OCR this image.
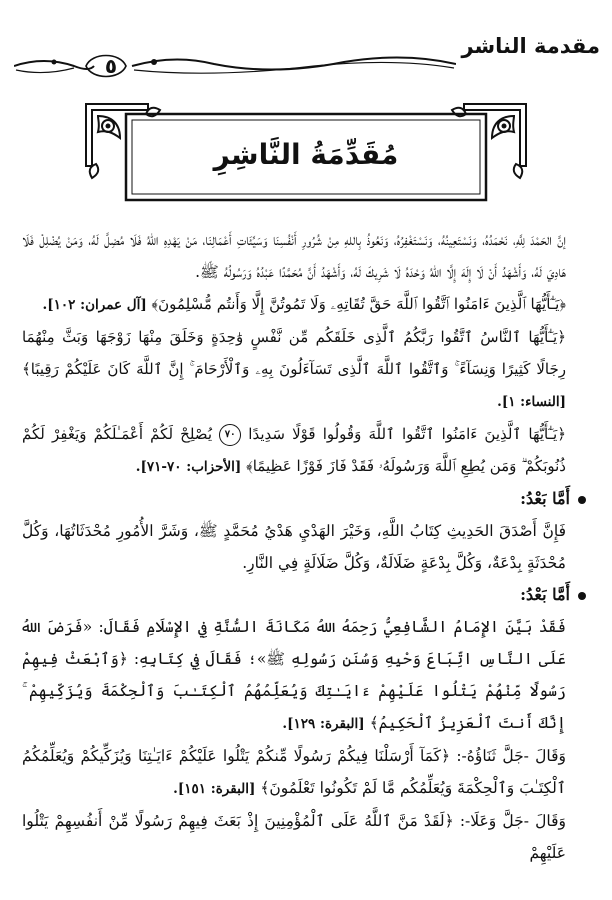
مقدمة الناشر
٥
مُقَدِّمَةُ النَّاشِرِ

إنَّ الحَمْدَ لِلَّهِ، نَحْمَدُهُ، وَنَسْتَعِينُهُ، وَنَسْتَغْفِرُهُ، وَنَعُوذُ بِاللهِ مِنْ شُرُورِ أَنْفُسِنَا وَسَيِّئَاتِ أَعْمَالِنَا، مَنْ يَهْدِهِ اللهُ فَلَا مُضِلَّ لَهُ، وَمَنْ يُضْلِلْ فَلَا هَادِيَ لَهُ، وَأَشْهَدُ أَنْ لَا إِلَهَ إِلَّا اللهُ وَحْدَهُ لَا شَرِيكَ لَهُ، وَأَشْهَدُ أَنَّ مُحَمَّدًا عَبْدُهُ وَرَسُولُهُ ﷺ.

﴿يَـٰٓأَيُّهَا ٱلَّذِينَ ءَامَنُوا ٱتَّقُوا ٱللَّهَ حَقَّ تُقَاتِهِۦ وَلَا تَمُوتُنَّ إِلَّا وَأَنتُم مُّسْلِمُونَ﴾ [آل عمران: ١٠٢].

﴿يَـٰٓأَيُّهَا ٱلنَّاسُ ٱتَّقُوا رَبَّكُمُ ٱلَّذِى خَلَقَكُم مِّن نَّفْسٍ وَٰحِدَةٍ وَخَلَقَ مِنْهَا زَوْجَهَا وَبَثَّ مِنْهُمَا رِجَالًا كَثِيرًا وَنِسَآءً ۚ وَٱتَّقُوا ٱللَّهَ ٱلَّذِى تَسَآءَلُونَ بِهِۦ وَٱلْأَرْحَامَ ۚ إِنَّ ٱللَّهَ كَانَ عَلَيْكُمْ رَقِيبًا﴾ [النساء: ١].

﴿يَـٰٓأَيُّهَا ٱلَّذِينَ ءَامَنُوا ٱتَّقُوا ٱللَّهَ وَقُولُوا قَوْلًا سَدِيدًا ٧٠ يُصْلِحْ لَكُمْ أَعْمَـٰلَكُمْ وَيَغْفِرْ لَكُمْ ذُنُوبَكُمْ ۗ وَمَن يُطِعِ ٱللَّهَ وَرَسُولَهُۥ فَقَدْ فَازَ فَوْزًا عَظِيمًا﴾ [الأحزاب: ٧٠-٧١].

أَمَّا بَعْدُ:

فَإِنَّ أَصْدَقَ الحَدِيثِ كِتَابُ اللَّهِ، وَخَيْرَ الهَدْيِ هَدْيُ مُحَمَّدٍ ﷺ، وَشَرَّ الأُمُورِ مُحْدَثَاتُهَا، وَكُلَّ مُحْدَثَةٍ بِدْعَةٌ، وَكُلَّ بِدْعَةٍ ضَلَالَةٌ، وَكُلَّ ضَلَالَةٍ فِي النَّارِ.

أَمَّا بَعْدُ:

فَقَدْ بَيَّنَ الإِمَامُ الشَّافِعِيُّ رَحِمَهُ اللهُ مَكَانَةَ السُّنَّةِ فِي الإِسْلَامِ فَقَالَ: «فَرَضَ اللهُ عَلَى النَّاسِ اتِّبَاعَ وَحْيِهِ وَسُنَنِ رَسُولِهِ ﷺ»؛ فَقَالَ فِي كِتَابِهِ: ﴿وَٱبْعَثْ فِيهِمْ رَسُولًا مِّنْهُمْ يَتْلُوا عَلَيْهِمْ ءَايَـٰتِكَ وَيُعَلِّمُهُمُ ٱلْكِتَـٰبَ وَٱلْحِكْمَةَ وَيُزَكِّيهِمْ ۚ إِنَّكَ أَنتَ ٱلْعَزِيزُ ٱلْحَكِيمُ﴾ [البقرة: ١٢٩].

وَقَالَ -جَلَّ ثَنَاؤُهُ-: ﴿كَمَآ أَرْسَلْنَا فِيكُمْ رَسُولًا مِّنكُمْ يَتْلُوا عَلَيْكُمْ ءَايَـٰتِنَا وَيُزَكِّيكُمْ وَيُعَلِّمُكُمُ ٱلْكِتَـٰبَ وَٱلْحِكْمَةَ وَيُعَلِّمُكُم مَّا لَمْ تَكُونُوا تَعْلَمُونَ﴾ [البقرة: ١٥١].

وَقَالَ -جَلَّ وَعَلَا-: ﴿لَقَدْ مَنَّ ٱللَّهُ عَلَى ٱلْمُؤْمِنِينَ إِذْ بَعَثَ فِيهِمْ رَسُولًا مِّنْ أَنفُسِهِمْ يَتْلُوا عَلَيْهِمْ
